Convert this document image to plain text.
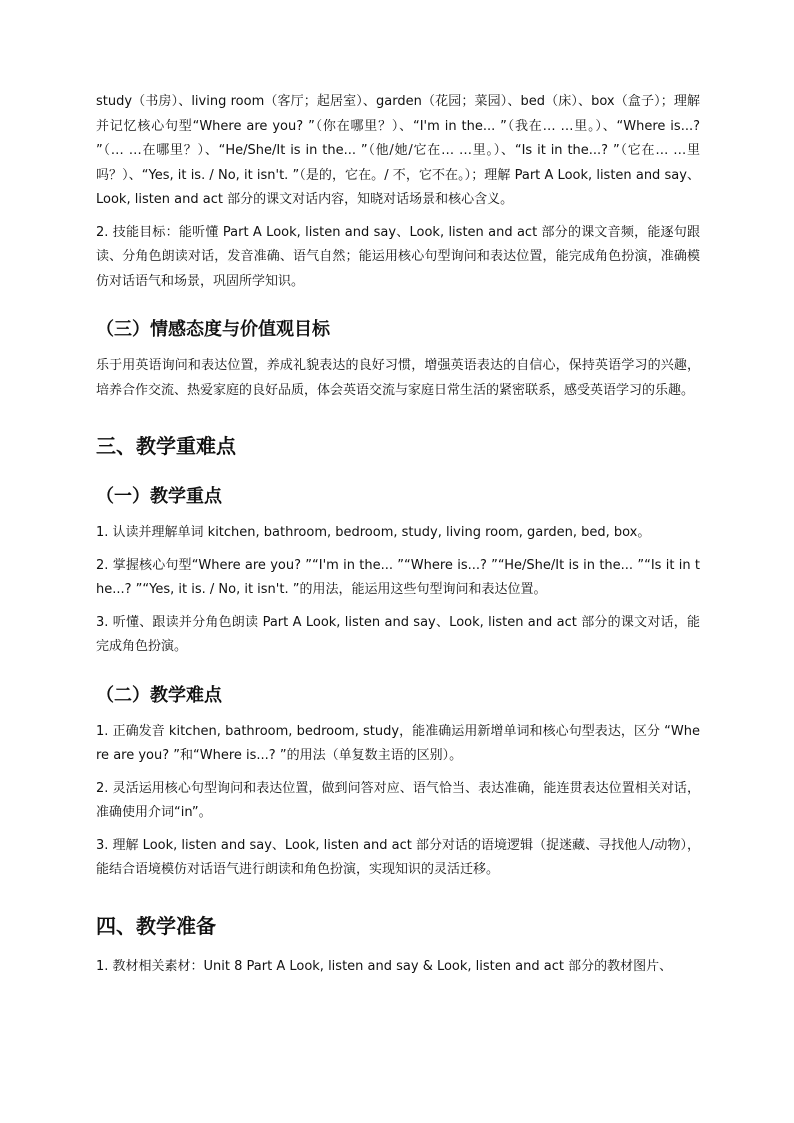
study（书房）、living room（客厅；起居室）、garden（花园；菜园）、bed（床）、box（盒子）；理解并记忆核心句型“Where are you? ”（你在哪里？）、“I'm in the... ”（我在… …里。）、“Where is...? ”（… …在哪里？）、“He/She/It is in the... ”（他/她/它在… …里。）、“Is it in the...? ”（它在… …里吗？）、“Yes, it is. / No, it isn't. ”（是的，它在。/ 不，它不在。）；理解 Part A Look, listen and say、Look, listen and act 部分的课文对话内容，知晓对话场景和核心含义。

2. 技能目标：能听懂 Part A Look, listen and say、Look, listen and act 部分的课文音频，能逐句跟读、分角色朗读对话，发音准确、语气自然；能运用核心句型询问和表达位置，能完成角色扮演，准确模仿对话语气和场景，巩固所学知识。

（三）情感态度与价值观目标

乐于用英语询问和表达位置，养成礼貌表达的良好习惯，增强英语表达的自信心，保持英语学习的兴趣，培养合作交流、热爱家庭的良好品质，体会英语交流与家庭日常生活的紧密联系，感受英语学习的乐趣。

三、教学重难点
（一）教学重点

1. 认读并理解单词 kitchen, bathroom, bedroom, study, living room, garden, bed, box。

2. 掌握核心句型“Where are you? ”“I'm in the... ”“Where is...? ”“He/She/It is in the... ”“Is it in the...? ”“Yes, it is. / No, it isn't. ”的用法，能运用这些句型询问和表达位置。

3. 听懂、跟读并分角色朗读 Part A Look, listen and say、Look, listen and act 部分的课文对话，能完成角色扮演。

（二）教学难点

1. 正确发音 kitchen, bathroom, bedroom, study，能准确运用新增单词和核心句型表达，区分 “Where are you? ”和“Where is...? ”的用法（单复数主语的区别）。

2. 灵活运用核心句型询问和表达位置，做到问答对应、语气恰当、表达准确，能连贯表达位置相关对话，准确使用介词“in”。

3. 理解 Look, listen and say、Look, listen and act 部分对话的语境逻辑（捉迷藏、寻找他人/动物），能结合语境模仿对话语气进行朗读和角色扮演，实现知识的灵活迁移。

四、教学准备

1. 教材相关素材：Unit 8 Part A Look, listen and say & Look, listen and act 部分的教材图片、
